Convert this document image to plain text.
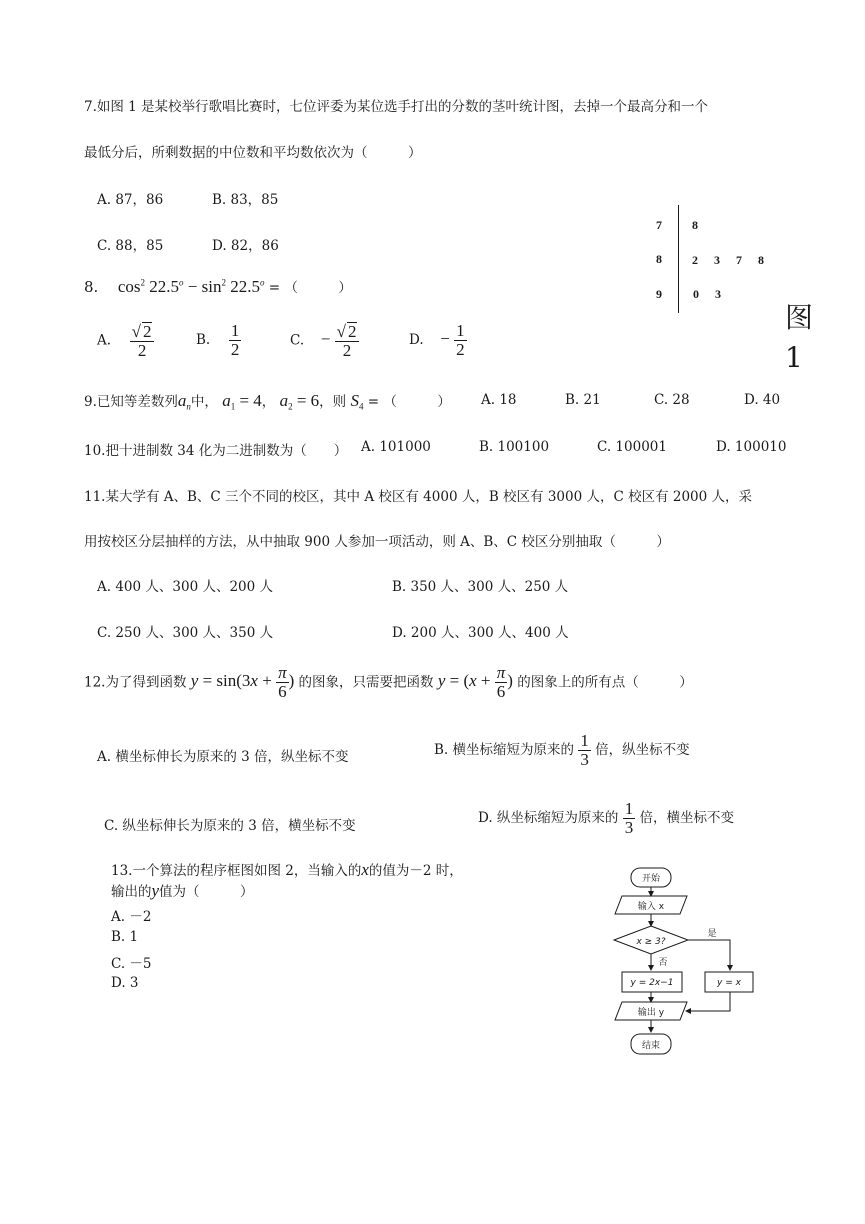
7.如图 1 是某校举行歌唱比赛时，七位评委为某位选手打出的分数的茎叶统计图，去掉一个最高分和一个
最低分后，所剩数据的中位数和平均数依次为（　　　）
A. 87，86	B. 83，85
C. 88，85	D. 82，86
7	8
8	2 3 7 8
9	0 3
图
1
8. $\cos^2 22.5^o - \sin^2 22.5^o$ = （　　　）
A. $\frac{√ 2}{2}$	B. $\frac{1}{2}$	C. − $\frac{√ 2}{2}$	D. − $\frac{1}{2}$
9.已知等差数列$a_n$中， $a_1 = 4$， $a_2 = 6$，则 $S_4$ = （　　　） A. 18	B. 21	C. 28	D. 40
10.把十进制数 34 化为二进制数为（　　） A. 101000	B. 100100	C. 100001	D. 100010
11.某大学有 A、B、C 三个不同的校区，其中 A 校区有 4000 人，B 校区有 3000 人，C 校区有 2000 人，采
用按校区分层抽样的方法，从中抽取 900 人参加一项活动，则 A、B、C 校区分别抽取（　　　）
A. 400 人、300 人、200 人	B. 350 人、300 人、250 人
C. 250 人、300 人、350 人	D. 200 人、300 人、400 人
12.为了得到函数 $y = \sin(3x + \frac{\pi}{6}$ ) 的图象，只需要把函数 $y = (x + \frac{\pi}{6}$ ) 的图象上的所有点（　　　）
A. 横坐标伸长为原来的 3 倍，纵坐标不变	B. 横坐标缩短为原来的 $\frac{1}{3}$ 倍，纵坐标不变
C. 纵坐标伸长为原来的 3 倍，横坐标不变
D. 纵坐标缩短为原来的 $\frac{1}{3}$ 倍，横坐标不变
13.一个算法的程序框图如图 2，当输入的x的值为－2 时，
输出的y值为（　　　）
A. －2
B. 1
C. －5
D. 3
开始
输入 x
x ≥ 3?
是
否
y = 2x−1	y = x
输出 y
结束
